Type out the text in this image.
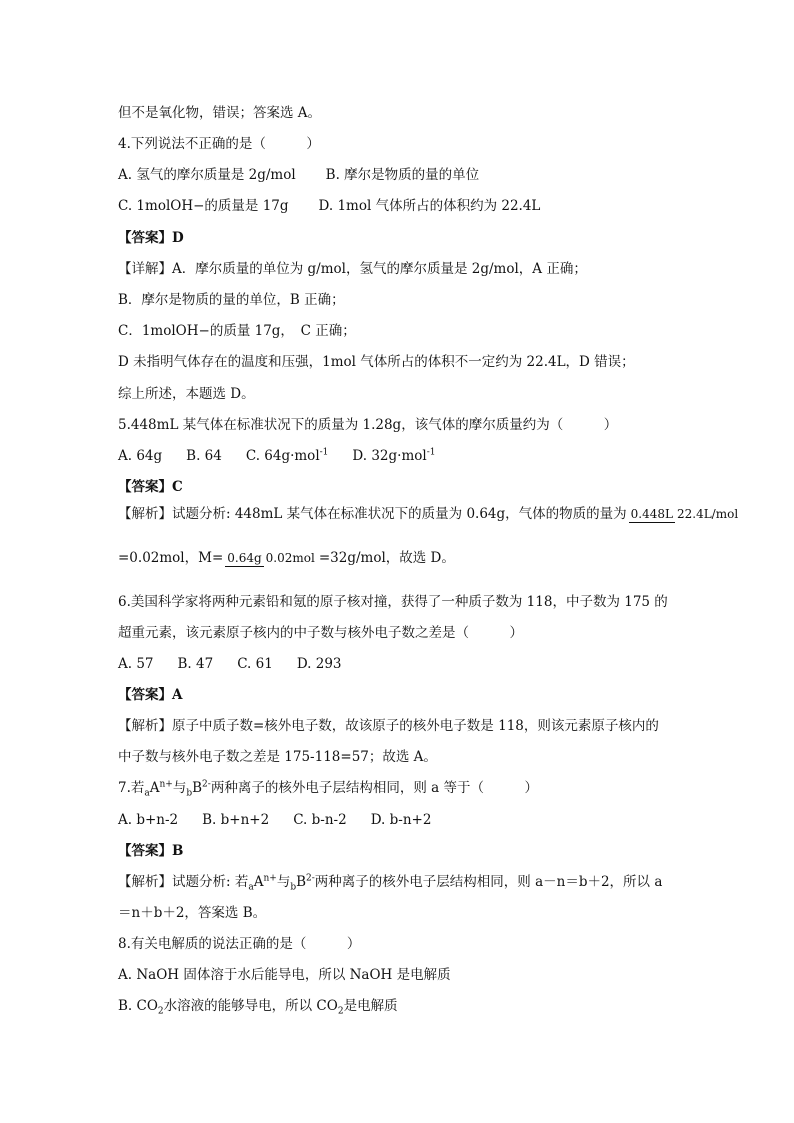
但不是氧化物，错误；答案选 A。
4.下列说法不正确的是（　　　）
A. 氢气的摩尔质量是 2g/mol B. 摩尔是物质的量的单位
C. 1molOH−的质量是 17g D. 1mol 气体所占的体积约为 22.4L
【答案】D
【详解】A．摩尔质量的单位为 g/mol，氢气的摩尔质量是 2g/mol，A 正确；
B．摩尔是物质的量的单位，B 正确；
C．1molOH−的质量 17g，　C 正确；
D 未指明气体存在的温度和压强，1mol 气体所占的体积不一定约为 22.4L，D 错误；
综上所述，本题选 D。
5.448mL 某气体在标准状况下的质量为 1.28g，该气体的摩尔质量约为（　　　）
A. 64g B. 64 C. 64g·mol$^{-1}$ D. 32g·mol$^{-1}$
【答案】C
【解析】试题分析: 448mL 某气体在标准状况下的质量为 0.64g，气体的物质的量为 0.448L 22.4L/mol
=0.02mol，M= 0.64g 0.02mol =32g/mol，故选 D。
6.美国科学家将两种元素铅和氪的原子核对撞，获得了一种质子数为 118，中子数为 175 的
超重元素，该元素原子核内的中子数与核外电子数之差是（　　　）
A. 57 B. 47 C. 61 D. 293
【答案】A
【解析】原子中质子数=核外电子数，故该原子的核外电子数是 118，则该元素原子核内的
中子数与核外电子数之差是 175-118=57；故选 A。
7.若$_aA^{n+}$与$_bB^{2-}$两种离子的核外电子层结构相同，则 a 等于（　　　）
A. b+n-2 B. b+n+2 C. b-n-2 D. b-n+2
【答案】B
【解析】试题分析: 若$_aA^{n+}$与$_bB^{2-}$两种离子的核外电子层结构相同，则 a－n＝b＋2，所以 a
＝n＋b＋2，答案选 B。
8.有关电解质的说法正确的是（　　　）
A. NaOH 固体溶于水后能导电，所以 NaOH 是电解质
B. $CO_2$水溶液的能够导电，所以 $CO_2$是电解质
